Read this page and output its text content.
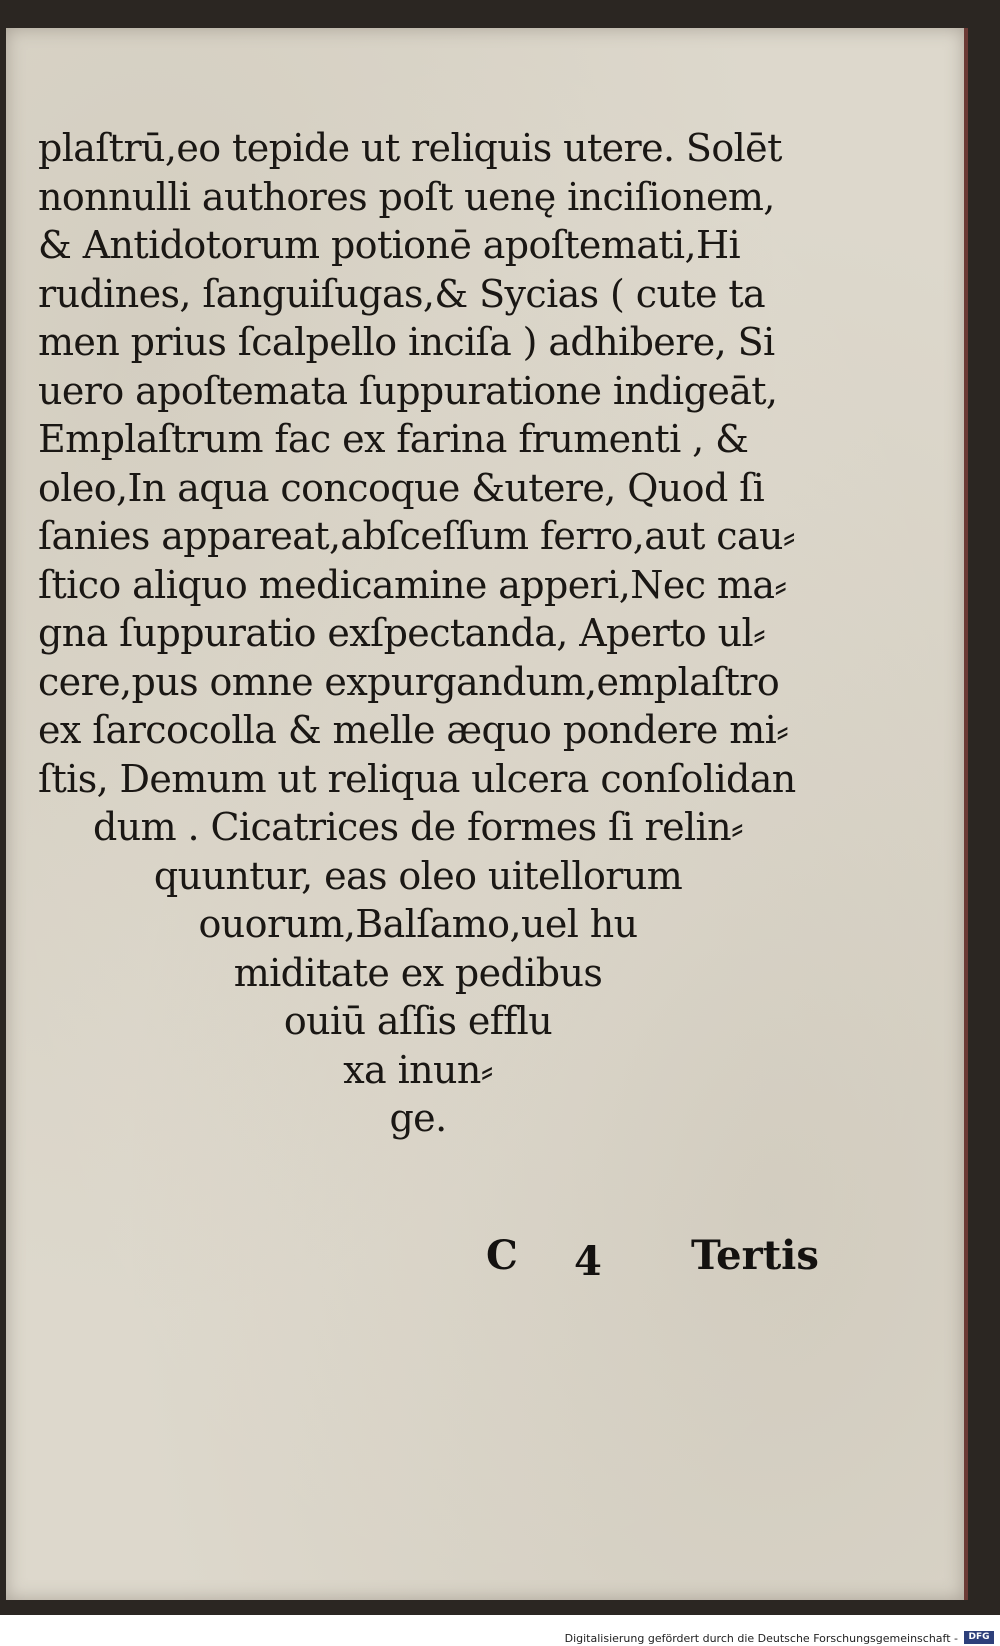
plaſtrū,eo tepide ut reliquis utere. Solēt
nonnulli authores poſt uenę inciſionem,
& Antidotorum potionē apoſtemati,Hi
rudines, ſanguiſugas,& Sycias ( cute ta
men prius ſcalpello inciſa ) adhibere, Si
uero apoſtemata ſuppuratione indigeāt,
Emplaſtrum fac ex farina frumenti , &
oleo,In aqua concoque &utere, Quod ſi
ſanies appareat,abſceſſum ferro,aut cau⸗
ſtico aliquo medicamine apperi,Nec ma⸗
gna ſuppuratio exſpectanda, Aperto ul⸗
cere,pus omne expurgandum,emplaſtro
ex ſarcocolla & melle æquo pondere mi⸗
ſtis, Demum ut reliqua ulcera conſolidan
dum . Cicatrices de formes ſi relin⸗
quuntur, eas oleo uitellorum
ouorum,Balſamo,uel hu
miditate ex pedibus
ouiū aſſis efflu
xa inun⸗
ge.
C 4 Tertis
Digitalisierung gefördert durch die Deutsche Forschungsgemeinschaft -	DFG
